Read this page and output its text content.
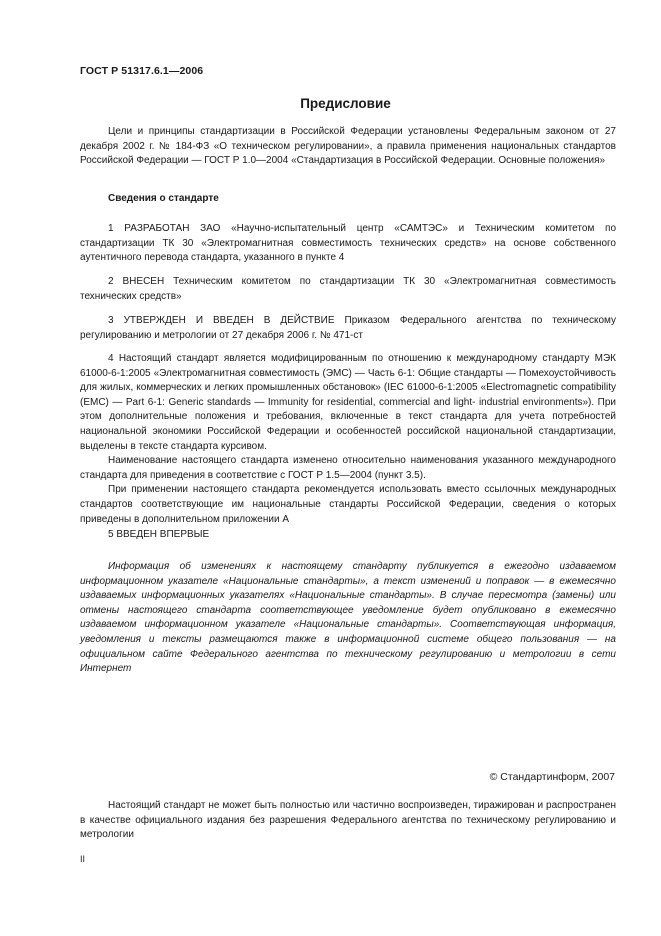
ГОСТ Р 51317.6.1—2006
Предисловие

Цели и принципы стандартизации в Российской Федерации установлены Федеральным законом от 27 декабря 2002 г. № 184-ФЗ «О техническом регулировании», а правила применения национальных стандартов Российской Федерации — ГОСТ Р 1.0—2004 «Стандартизация в Российской Федерации. Основные положения»

Сведения о стандарте

1 РАЗРАБОТАН ЗАО «Научно-испытательный центр «САМТЭС» и Техническим комитетом по стандартизации ТК 30 «Электромагнитная совместимость технических средств» на основе собственного аутентичного перевода стандарта, указанного в пункте 4

2 ВНЕСЕН Техническим комитетом по стандартизации ТК 30 «Электромагнитная совместимость технических средств»

3 УТВЕРЖДЕН И ВВЕДЕН В ДЕЙСТВИЕ Приказом Федерального агентства по техническому регулированию и метрологии от 27 декабря 2006 г. № 471-ст

4 Настоящий стандарт является модифицированным по отношению к международному стандарту МЭК 61000-6-1:2005 «Электромагнитная совместимость (ЭМС) — Часть 6-1: Общие стандарты — Помехоустойчивость для жилых, коммерческих и легких промышленных обстановок» (IEC 61000-6-1:2005 «Electromagnetic compatibility (EMC) — Part 6-1: Generic standards — Immunity for residential, commercial and light- industrial environments»). При этом дополнительные положения и требования, включенные в текст стандарта для учета потребностей национальной экономики Российской Федерации и особенностей российской национальной стандартизации, выделены в тексте стандарта курсивом.

Наименование настоящего стандарта изменено относительно наименования указанного международного стандарта для приведения в соответствие с ГОСТ Р 1.5—2004 (пункт 3.5).

При применении настоящего стандарта рекомендуется использовать вместо ссылочных международных стандартов соответствующие им национальные стандарты Российской Федерации, сведения о которых приведены в дополнительном приложении А

5 ВВЕДЕН ВПЕРВЫЕ

Информация об изменениях к настоящему стандарту публикуется в ежегодно издаваемом информационном указателе «Национальные стандарты», а текст изменений и поправок — в ежемесячно издаваемых информационных указателях «Национальные стандарты». В случае пересмотра (замены) или отмены настоящего стандарта соответствующее уведомление будет опубликовано в ежемесячно издаваемом информационном указателе «Национальные стандарты». Соответствующая информация, уведомления и тексты размещаются также в информационной системе общего пользования — на официальном сайте Федерального агентства по техническому регулированию и метрологии в сети Интернет

© Стандартинформ, 2007

Настоящий стандарт не может быть полностью или частично воспроизведен, тиражирован и распространен в качестве официального издания без разрешения Федерального агентства по техническому регулированию и метрологии

II
